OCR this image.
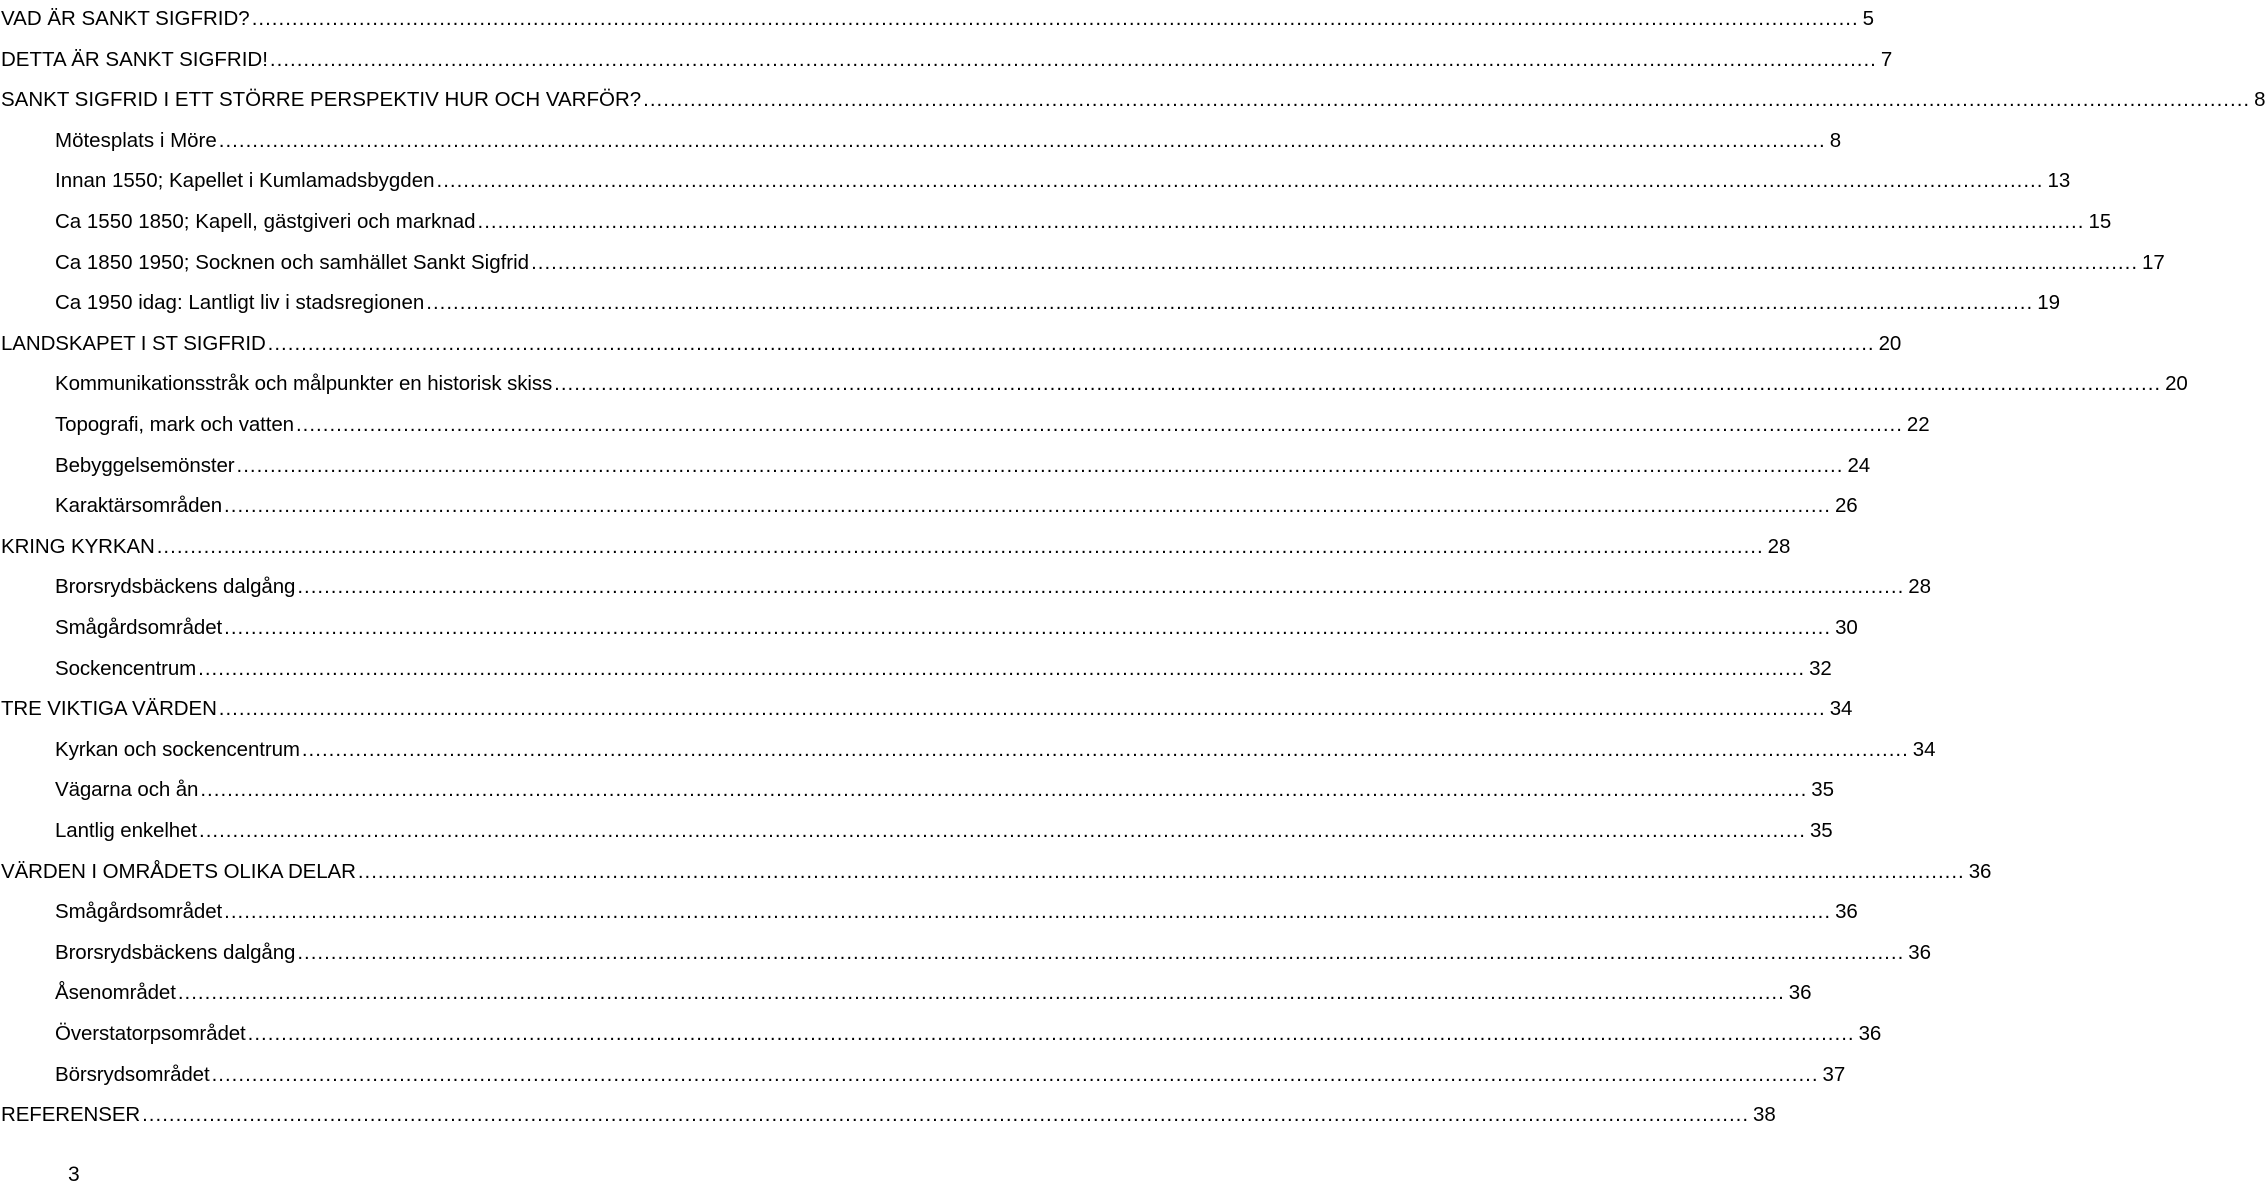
VAD ÄR SANKT SIGFRID? .....	5
DETTA ÄR SANKT SIGFRID! .....	7
SANKT SIGFRID I ETT STÖRRE PERSPEKTIV HUR OCH VARFÖR? .....	8
Mötesplats i Möre .....	8
Innan 1550; Kapellet i Kumlamadsbygden .....	13
Ca 1550 1850; Kapell, gästgiveri och marknad .....	15
Ca 1850 1950; Socknen och samhället Sankt Sigfrid .....	17
Ca 1950 idag: Lantligt liv i stadsregionen .....	19
LANDSKAPET I ST SIGFRID .....	20
Kommunikationsstråk och målpunkter en historisk skiss .....	20
Topografi, mark och vatten .....	22
Bebyggelsemönster .....	24
Karaktärsområden .....	26
KRING KYRKAN .....	28
Brorsrydsbäckens dalgång .....	28
Smågårdsområdet .....	30
Sockencentrum .....	32
TRE VIKTIGA VÄRDEN .....	34
Kyrkan och sockencentrum .....	34
Vägarna och ån .....	35
Lantlig enkelhet .....	35
VÄRDEN I OMRÅDETS OLIKA DELAR .....	36
Smågårdsområdet .....	36
Brorsrydsbäckens dalgång .....	36
Åsenområdet .....	36
Överstatorpsområdet .....	36
Börsrydsområdet .....	37
REFERENSER .....	38
3
